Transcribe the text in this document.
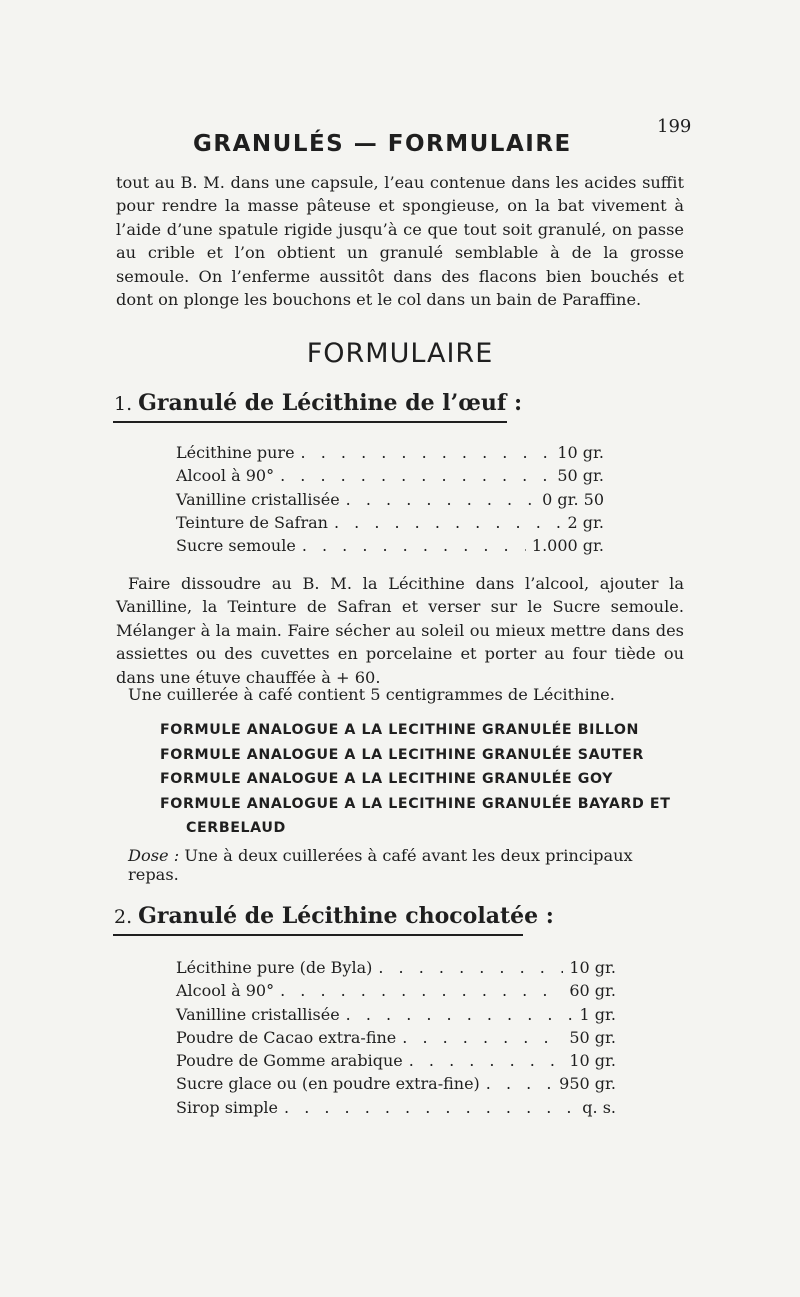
199
GRANULÉS — FORMULAIRE
tout au B. M. dans une capsule, l’eau contenue dans les acides suffit pour rendre la masse pâteuse et spongieuse, on la bat vivement à l’aide d’une spatule rigide jusqu’à ce que tout soit granulé, on passe au crible et l’on obtient un granulé semblable à de la grosse semoule. On l’enferme aussitôt dans des flacons bien bouchés et dont on plonge les bouchons et le col dans un bain de Paraffine.
FORMULAIRE
1. Granulé de Lécithine de l’œuf :
Lécithine pure . . .	10 gr.
Alcool à 90° . . .	50 gr.
Vanilline cristallisée . . .	0 gr. 50
Teinture de Safran . . .	2 gr.
Sucre semoule . . .	1.000 gr.
Faire dissoudre au B. M. la Lécithine dans l’alcool, ajouter la Vanilline, la Teinture de Safran et verser sur le Sucre semoule. Mélanger à la main. Faire sécher au soleil ou mieux mettre dans des assiettes ou des cuvettes en porcelaine et porter au four tiède ou dans une étuve chauffée à + 60.
Une cuillerée à café contient 5 centigrammes de Lécithine.
FORMULE ANALOGUE A LA LECITHINE GRANULÉE BILLON
FORMULE ANALOGUE A LA LECITHINE GRANULÉE SAUTER
FORMULE ANALOGUE A LA LECITHINE GRANULÉE GOY
FORMULE ANALOGUE A LA LECITHINE GRANULÉE BAYARD ET
CERBELAUD
Dose : Une à deux cuillerées à café avant les deux principaux repas.
2. Granulé de Lécithine chocolatée :
Lécithine pure (de Byla) . . .	10 gr.
Alcool à 90° . . .	60 gr.
Vanilline cristallisée . . .	1 gr.
Poudre de Cacao extra-fine . . .	50 gr.
Poudre de Gomme arabique . . .	10 gr.
Sucre glace ou (en poudre extra-fine) . . .	950 gr.
Sirop simple . . .	q. s.
